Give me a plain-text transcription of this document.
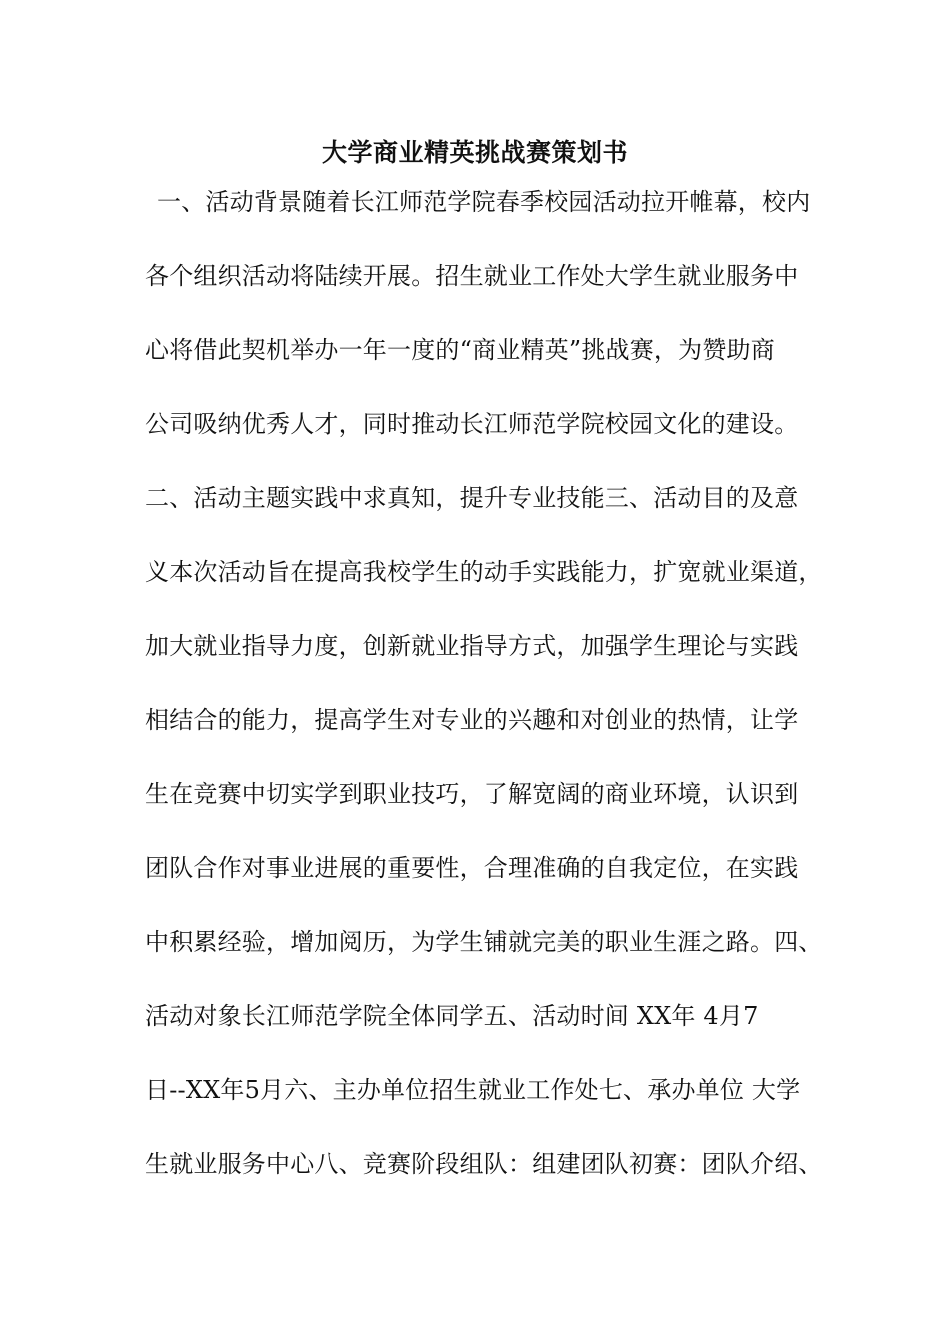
大学商业精英挑战赛策划书
一、活动背景随着长江师范学院春季校园活动拉开帷幕，校内
各个组织活动将陆续开展。招生就业工作处大学生就业服务中
心将借此契机举办一年一度的“商业精英”挑战赛，为赞助商
公司吸纳优秀人才，同时推动长江师范学院校园文化的建设。
二、活动主题实践中求真知，提升专业技能三、活动目的及意
义本次活动旨在提高我校学生的动手实践能力，扩宽就业渠道，
加大就业指导力度，创新就业指导方式，加强学生理论与实践
相结合的能力，提高学生对专业的兴趣和对创业的热情，让学
生在竞赛中切实学到职业技巧，了解宽阔的商业环境，认识到
团队合作对事业进展的重要性，合理准确的自我定位，在实践
中积累经验，增加阅历，为学生铺就完美的职业生涯之路。四、
活动对象长江师范学院全体同学五、活动时间 XX年 4月7
日--XX年5月六、主办单位招生就业工作处七、承办单位 大学
生就业服务中心八、竞赛阶段组队：组建团队初赛：团队介绍、
